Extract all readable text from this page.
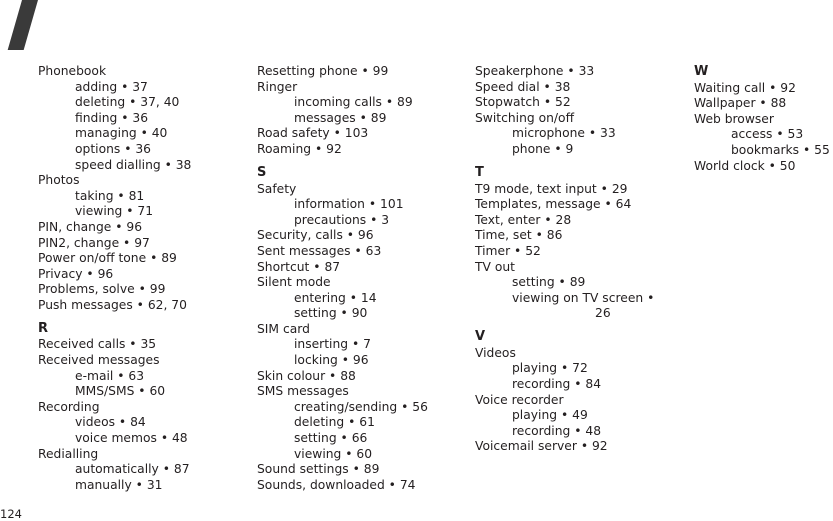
Phonebook
adding • 37
deleting • 37, 40
finding • 36
managing • 40
options • 36
speed dialling • 38
Photos
taking • 81
viewing • 71
PIN, change • 96
PIN2, change • 97
Power on/off tone • 89
Privacy • 96
Problems, solve • 99
Push messages • 62, 70
R
Received calls • 35
Received messages
e-mail • 63
MMS/SMS • 60
Recording
videos • 84
voice memos • 48
Redialling
automatically • 87
manually • 31
Resetting phone • 99
Ringer
incoming calls • 89
messages • 89
Road safety • 103
Roaming • 92
S
Safety
information • 101
precautions • 3
Security, calls • 96
Sent messages • 63
Shortcut • 87
Silent mode
entering • 14
setting • 90
SIM card
inserting • 7
locking • 96
Skin colour • 88
SMS messages
creating/sending • 56
deleting • 61
setting • 66
viewing • 60
Sound settings • 89
Sounds, downloaded • 74
Speakerphone • 33
Speed dial • 38
Stopwatch • 52
Switching on/off
microphone • 33
phone • 9
T
T9 mode, text input • 29
Templates, message • 64
Text, enter • 28
Time, set • 86
Timer • 52
TV out
setting • 89
viewing on TV screen •
26
V
Videos
playing • 72
recording • 84
Voice recorder
playing • 49
recording • 48
Voicemail server • 92
W
Waiting call • 92
Wallpaper • 88
Web browser
access • 53
bookmarks • 55
World clock • 50
124
